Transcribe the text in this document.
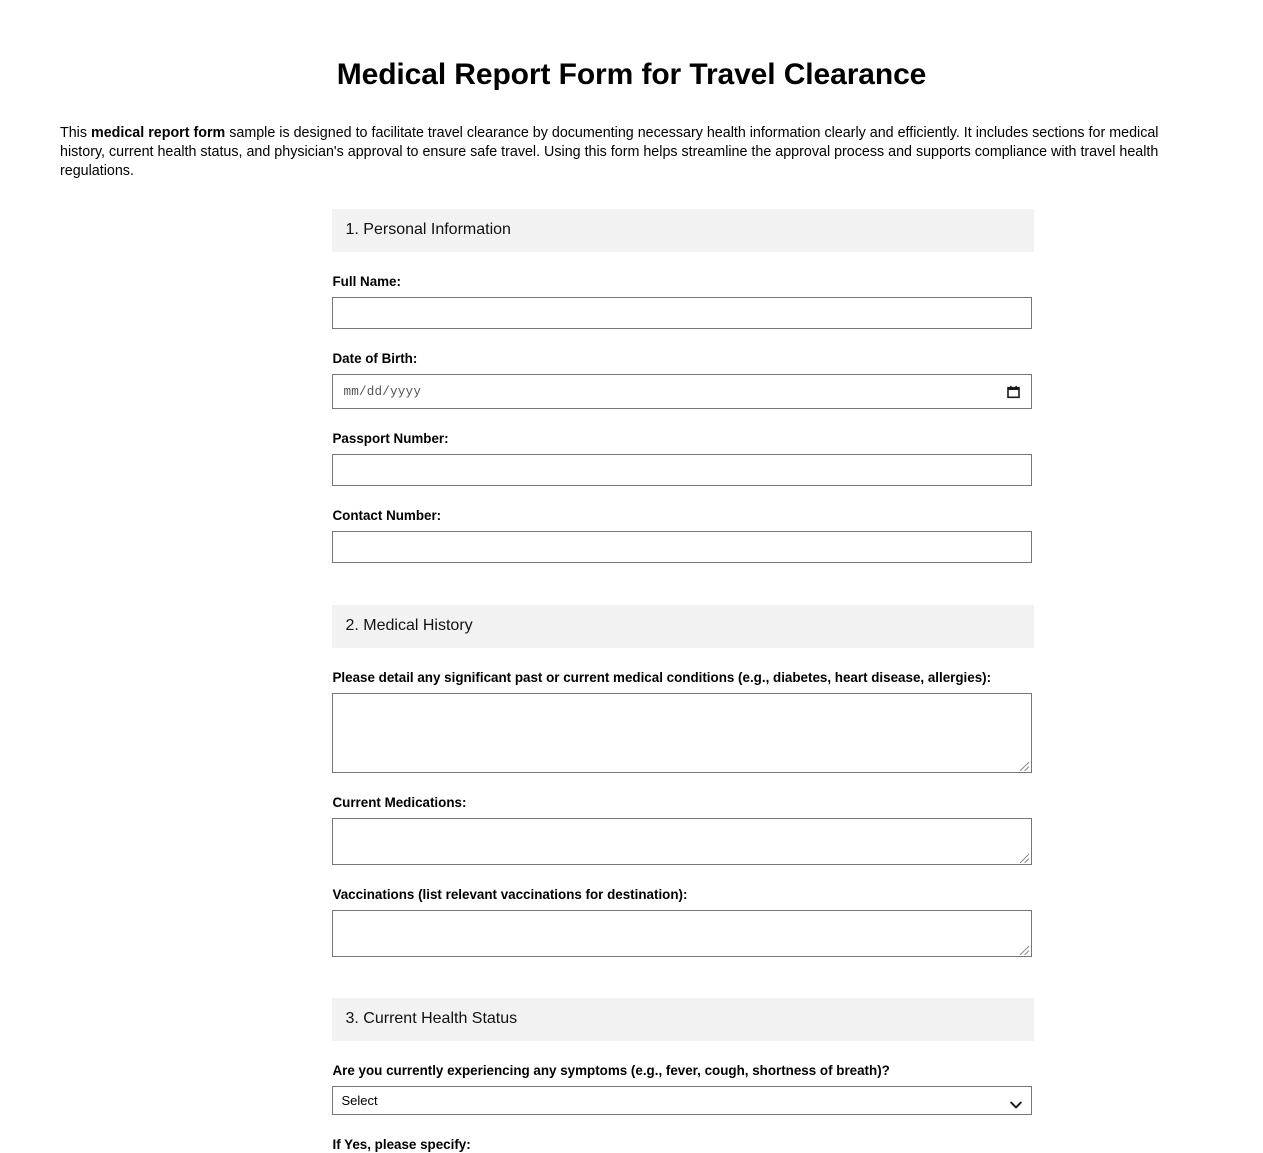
Medical Report Form for Travel Clearance

This medical report form sample is designed to facilitate travel clearance by documenting necessary health information clearly and efficiently. It includes sections for medical history, current health status, and physician's approval to ensure safe travel. Using this form helps streamline the approval process and supports compliance with travel health regulations.

1. Personal Information
Full Name:
Date of Birth:
mm/dd/yyyy
Passport Number:
Contact Number:
2. Medical History
Please detail any significant past or current medical conditions (e.g., diabetes, heart disease, allergies):
Current Medications:
Vaccinations (list relevant vaccinations for destination):
3. Current Health Status
Are you currently experiencing any symptoms (e.g., fever, cough, shortness of breath)?
Select
If Yes, please specify:
